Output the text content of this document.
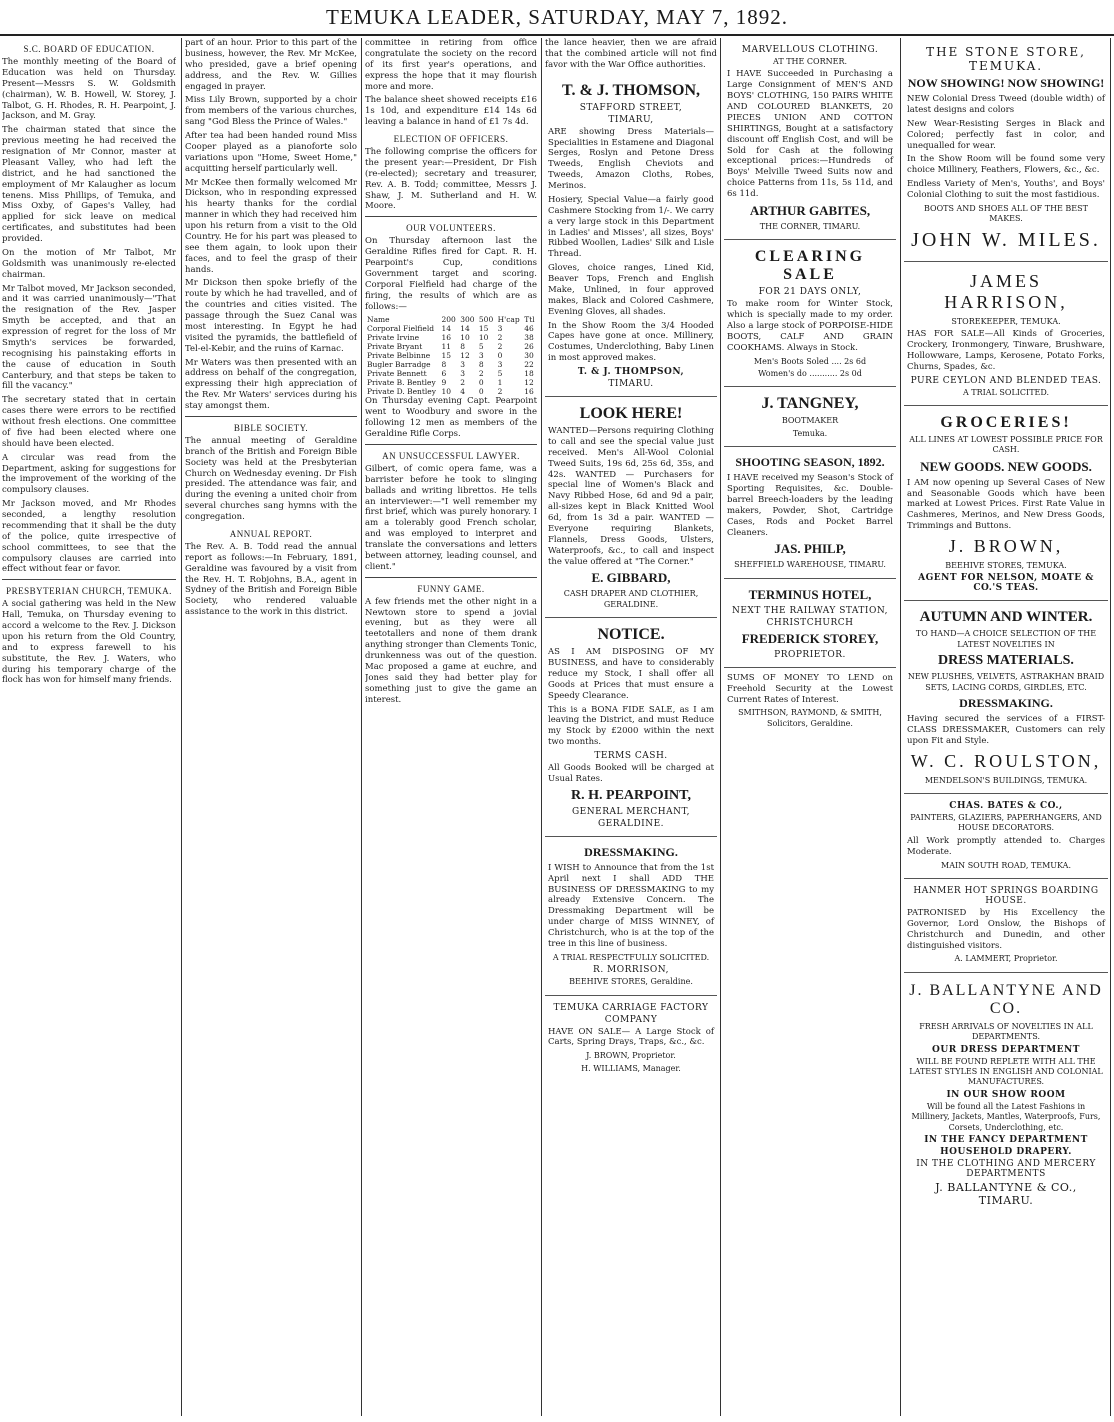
TEMUKA LEADER, SATURDAY, MAY 7, 1892.
S.C. BOARD OF EDUCATION.

The monthly meeting of the Board of Education was held on Thursday. Present—Messrs S. W. Goldsmith (chairman), W. B. Howell, W. Storey, J. Talbot, G. H. Rhodes, R. H. Pearpoint, J. Jackson, and M. Gray.

The chairman stated that since the previous meeting he had received the resignation of Mr Connor, master at Pleasant Valley, who had left the district, and he had sanctioned the employment of Mr Kalaugher as locum tenens. Miss Phillips, of Temuka, and Miss Oxby, of Gapes's Valley, had applied for sick leave on medical certificates, and substitutes had been provided.

On the motion of Mr Talbot, Mr Goldsmith was unanimously re-elected chairman.

Mr Talbot moved, Mr Jackson seconded, and it was carried unanimously—"That the resignation of the Rev. Jasper Smyth be accepted, and that an expression of regret for the loss of Mr Smyth's services be forwarded, recognising his painstaking efforts in the cause of education in South Canterbury, and that steps be taken to fill the vacancy."

The secretary stated that in certain cases there were errors to be rectified without fresh elections. One committee of five had been elected where one should have been elected.

A circular was read from the Department, asking for suggestions for the improvement of the working of the compulsory clauses.

Mr Jackson moved, and Mr Rhodes seconded, a lengthy resolution recommending that it shall be the duty of the police, quite irrespective of school committees, to see that the compulsory clauses are carried into effect without fear or favor.

PRESBYTERIAN CHURCH, TEMUKA.

A social gathering was held in the New Hall, Temuka, on Thursday evening to accord a welcome to the Rev. J. Dickson upon his return from the Old Country, and to express farewell to his substitute, the Rev. J. Waters, who during his temporary charge of the flock has won for himself many friends.

part of an hour. Prior to this part of the business, however, the Rev. Mr McKee, who presided, gave a brief opening address, and the Rev. W. Gillies engaged in prayer.

Miss Lily Brown, supported by a choir from members of the various churches, sang "God Bless the Prince of Wales."

After tea had been handed round Miss Cooper played as a pianoforte solo variations upon "Home, Sweet Home," acquitting herself particularly well.

Mr McKee then formally welcomed Mr Dickson, who in responding expressed his hearty thanks for the cordial manner in which they had received him upon his return from a visit to the Old Country. He for his part was pleased to see them again, to look upon their faces, and to feel the grasp of their hands.

Mr Dickson then spoke briefly of the route by which he had travelled, and of the countries and cities visited. The passage through the Suez Canal was most interesting. In Egypt he had visited the pyramids, the battlefield of Tel-el-Kebir, and the ruins of Karnac.

Mr Waters was then presented with an address on behalf of the congregation, expressing their high appreciation of the Rev. Mr Waters' services during his stay amongst them.

BIBLE SOCIETY.

The annual meeting of Geraldine branch of the British and Foreign Bible Society was held at the Presbyterian Church on Wednesday evening. Dr Fish presided. The attendance was fair, and during the evening a united choir from several churches sang hymns with the congregation.

ANNUAL REPORT.

The Rev. A. B. Todd read the annual report as follows:—In February, 1891, Geraldine was favoured by a visit from the Rev. H. T. Robjohns, B.A., agent in Sydney of the British and Foreign Bible Society, who rendered valuable assistance to the work in this district.

committee in retiring from office congratulate the society on the record of its first year's operations, and express the hope that it may flourish more and more.

The balance sheet showed receipts £16 1s 10d, and expenditure £14 14s 6d leaving a balance in hand of £1 7s 4d.

ELECTION OF OFFICERS.

The following comprise the officers for the present year:—President, Dr Fish (re-elected); secretary and treasurer, Rev. A. B. Todd; committee, Messrs J. Shaw, J. M. Sutherland and H. W. Moore.

OUR VOLUNTEERS.

On Thursday afternoon last the Geraldine Rifles fired for Capt. R. H. Pearpoint's Cup, conditions Government target and scoring. Corporal Fielfield had charge of the firing, the results of which are as follows:—

Name	200	300	500	H'cap	Ttl
Corporal Fielfield	14	14	15	3	46
Private Irvine	16	10	10	2	38
Private Bryant	11	8	5	2	26
Private Belbinne	15	12	3	0	30
Bugler Barradge	8	3	8	3	22
Private Bennett	6	3	2	5	18
Private B. Bentley	9	2	0	1	12
Private D. Bentley	10	4	0	2	16

On Thursday evening Capt. Pearpoint went to Woodbury and swore in the following 12 men as members of the Geraldine Rifle Corps.

AN UNSUCCESSFUL LAWYER.

Gilbert, of comic opera fame, was a barrister before he took to slinging ballads and writing librettos. He tells an interviewer:—"I well remember my first brief, which was purely honorary. I am a tolerably good French scholar, and was employed to interpret and translate the conversations and letters between attorney, leading counsel, and client."

FUNNY GAME.

A few friends met the other night in a Newtown store to spend a jovial evening, but as they were all teetotallers and none of them drank anything stronger than Clements Tonic, drunkenness was out of the question. Mac proposed a game at euchre, and Jones said they had better play for something just to give the game an interest.

the lance heavier, then we are afraid that the combined article will not find favor with the War Office authorities.

T. & J. THOMSON,
STAFFORD STREET,
TIMARU,

ARE showing Dress Materials—Specialities in Estamene and Diagonal Serges, Roslyn and Petone Dress Tweeds, English Cheviots and Tweeds, Amazon Cloths, Robes, Merinos.

Hosiery, Special Value—a fairly good Cashmere Stocking from 1/-. We carry a very large stock in this Department in Ladies' and Misses', all sizes, Boys' Ribbed Woollen, Ladies' Silk and Lisle Thread.

Gloves, choice ranges, Lined Kid, Beaver Tops, French and English Make, Unlined, in four approved makes, Black and Colored Cashmere, Evening Gloves, all shades.

In the Show Room the 3/4 Hooded Capes have gone at once. Millinery, Costumes, Underclothing, Baby Linen in most approved makes.

T. & J. THOMPSON,
TIMARU.
LOOK HERE!

WANTED—Persons requiring Clothing to call and see the special value just received. Men's All-Wool Colonial Tweed Suits, 19s 6d, 25s 6d, 35s, and 42s. WANTED — Purchasers for special line of Women's Black and Navy Ribbed Hose, 6d and 9d a pair, all-sizes kept in Black Knitted Wool 6d, from 1s 3d a pair. WANTED — Everyone requiring Blankets, Flannels, Dress Goods, Ulsters, Waterproofs, &c., to call and inspect the value offered at "The Corner."

E. GIBBARD,
CASH DRAPER AND CLOTHIER, GERALDINE.
NOTICE.

AS I AM DISPOSING OF MY BUSINESS, and have to considerably reduce my Stock, I shall offer all Goods at Prices that must ensure a Speedy Clearance.

This is a BONA FIDE SALE, as I am leaving the District, and must Reduce my Stock by £2000 within the next two months.

TERMS CASH.

All Goods Booked will be charged at Usual Rates.

R. H. PEARPOINT,
GENERAL MERCHANT,
GERALDINE.
DRESSMAKING.

I WISH to Announce that from the 1st April next I shall ADD THE BUSINESS OF DRESSMAKING to my already Extensive Concern. The Dressmaking Department will be under charge of MISS WINNEY, of Christchurch, who is at the top of the tree in this line of business.

A TRIAL RESPECTFULLY SOLICITED.
R. MORRISON,
BEEHIVE STORES, Geraldine.
TEMUKA CARRIAGE FACTORY
COMPANY

HAVE ON SALE— A Large Stock of Carts, Spring Drays, Traps, &c., &c.

J. BROWN, Proprietor.
H. WILLIAMS, Manager.
MARVELLOUS CLOTHING.
AT THE CORNER.

I HAVE Succeeded in Purchasing a Large Consignment of MEN'S AND BOYS' CLOTHING, 150 PAIRS WHITE AND COLOURED BLANKETS, 20 PIECES UNION AND COTTON SHIRTINGS, Bought at a satisfactory discount off English Cost, and will be Sold for Cash at the following exceptional prices:—Hundreds of Boys' Melville Tweed Suits now and choice Patterns from 11s, 5s 11d, and 6s 11d.

ARTHUR GABITES,
THE CORNER, TIMARU.
CLEARING SALE
FOR 21 DAYS ONLY,

To make room for Winter Stock, which is specially made to my order. Also a large stock of PORPOISE-HIDE BOOTS, CALF AND GRAIN COOKHAMS. Always in Stock.

Men's Boots Soled .... 2s 6d
Women's do ........... 2s 0d
J. TANGNEY,
BOOTMAKER
Temuka.
SHOOTING SEASON, 1892.

I HAVE received my Season's Stock of Sporting Requisites, &c. Double-barrel Breech-loaders by the leading makers, Powder, Shot, Cartridge Cases, Rods and Pocket Barrel Cleaners.

JAS. PHILP,
SHEFFIELD WAREHOUSE, TIMARU.
TERMINUS HOTEL,
NEXT THE RAILWAY STATION,
CHRISTCHURCH
FREDERICK STOREY,
PROPRIETOR.

SUMS OF MONEY TO LEND on Freehold Security at the Lowest Current Rates of Interest.

SMITHSON, RAYMOND, & SMITH, Solicitors, Geraldine.
THE STONE STORE, TEMUKA.
NOW SHOWING! NOW SHOWING!

NEW Colonial Dress Tweed (double width) of latest designs and colors

New Wear-Resisting Serges in Black and Colored; perfectly fast in color, and unequalled for wear.

In the Show Room will be found some very choice Millinery, Feathers, Flowers, &c., &c.

Endless Variety of Men's, Youths', and Boys' Colonial Clothing to suit the most fastidious.

BOOTS AND SHOES ALL OF THE BEST MAKES.
JOHN W. MILES.
JAMES HARRISON,
STOREKEEPER, TEMUKA.

HAS FOR SALE—All Kinds of Groceries, Crockery, Ironmongery, Tinware, Brushware, Hollowware, Lamps, Kerosene, Potato Forks, Churns, Spades, &c.

PURE CEYLON AND BLENDED TEAS.
A TRIAL SOLICITED.
GROCERIES!
ALL LINES AT LOWEST POSSIBLE PRICE FOR CASH.
NEW GOODS. NEW GOODS.

I AM now opening up Several Cases of New and Seasonable Goods which have been marked at Lowest Prices. First Rate Value in Cashmeres, Merinos, and New Dress Goods, Trimmings and Buttons.

J. BROWN,
BEEHIVE STORES, TEMUKA.
AGENT FOR NELSON, MOATE & CO.'S TEAS.
AUTUMN AND WINTER.
TO HAND—A CHOICE SELECTION OF THE LATEST NOVELTIES IN
DRESS MATERIALS.
NEW PLUSHES, VELVETS, ASTRAKHAN BRAID SETS, LACING CORDS, GIRDLES, ETC.
DRESSMAKING.

Having secured the services of a FIRST-CLASS DRESSMAKER, Customers can rely upon Fit and Style.

W. C. ROULSTON,
MENDELSON'S BUILDINGS, TEMUKA.
CHAS. BATES & CO.,
PAINTERS, GLAZIERS, PAPERHANGERS, AND HOUSE DECORATORS.

All Work promptly attended to. Charges Moderate.

MAIN SOUTH ROAD, TEMUKA.
HANMER HOT SPRINGS BOARDING HOUSE.

PATRONISED by His Excellency the Governor, Lord Onslow, the Bishops of Christchurch and Dunedin, and other distinguished visitors.

A. LAMMERT, Proprietor.
J. BALLANTYNE AND CO.
FRESH ARRIVALS OF NOVELTIES IN ALL DEPARTMENTS.
OUR DRESS DEPARTMENT
WILL BE FOUND REPLETE WITH ALL THE LATEST STYLES IN ENGLISH AND COLONIAL MANUFACTURES.
IN OUR SHOW ROOM
Will be found all the Latest Fashions in Millinery, Jackets, Mantles, Waterproofs, Furs, Corsets, Underclothing, etc.
IN THE FANCY DEPARTMENT
HOUSEHOLD DRAPERY.
IN THE CLOTHING AND MERCERY DEPARTMENTS
J. BALLANTYNE & CO., TIMARU.
